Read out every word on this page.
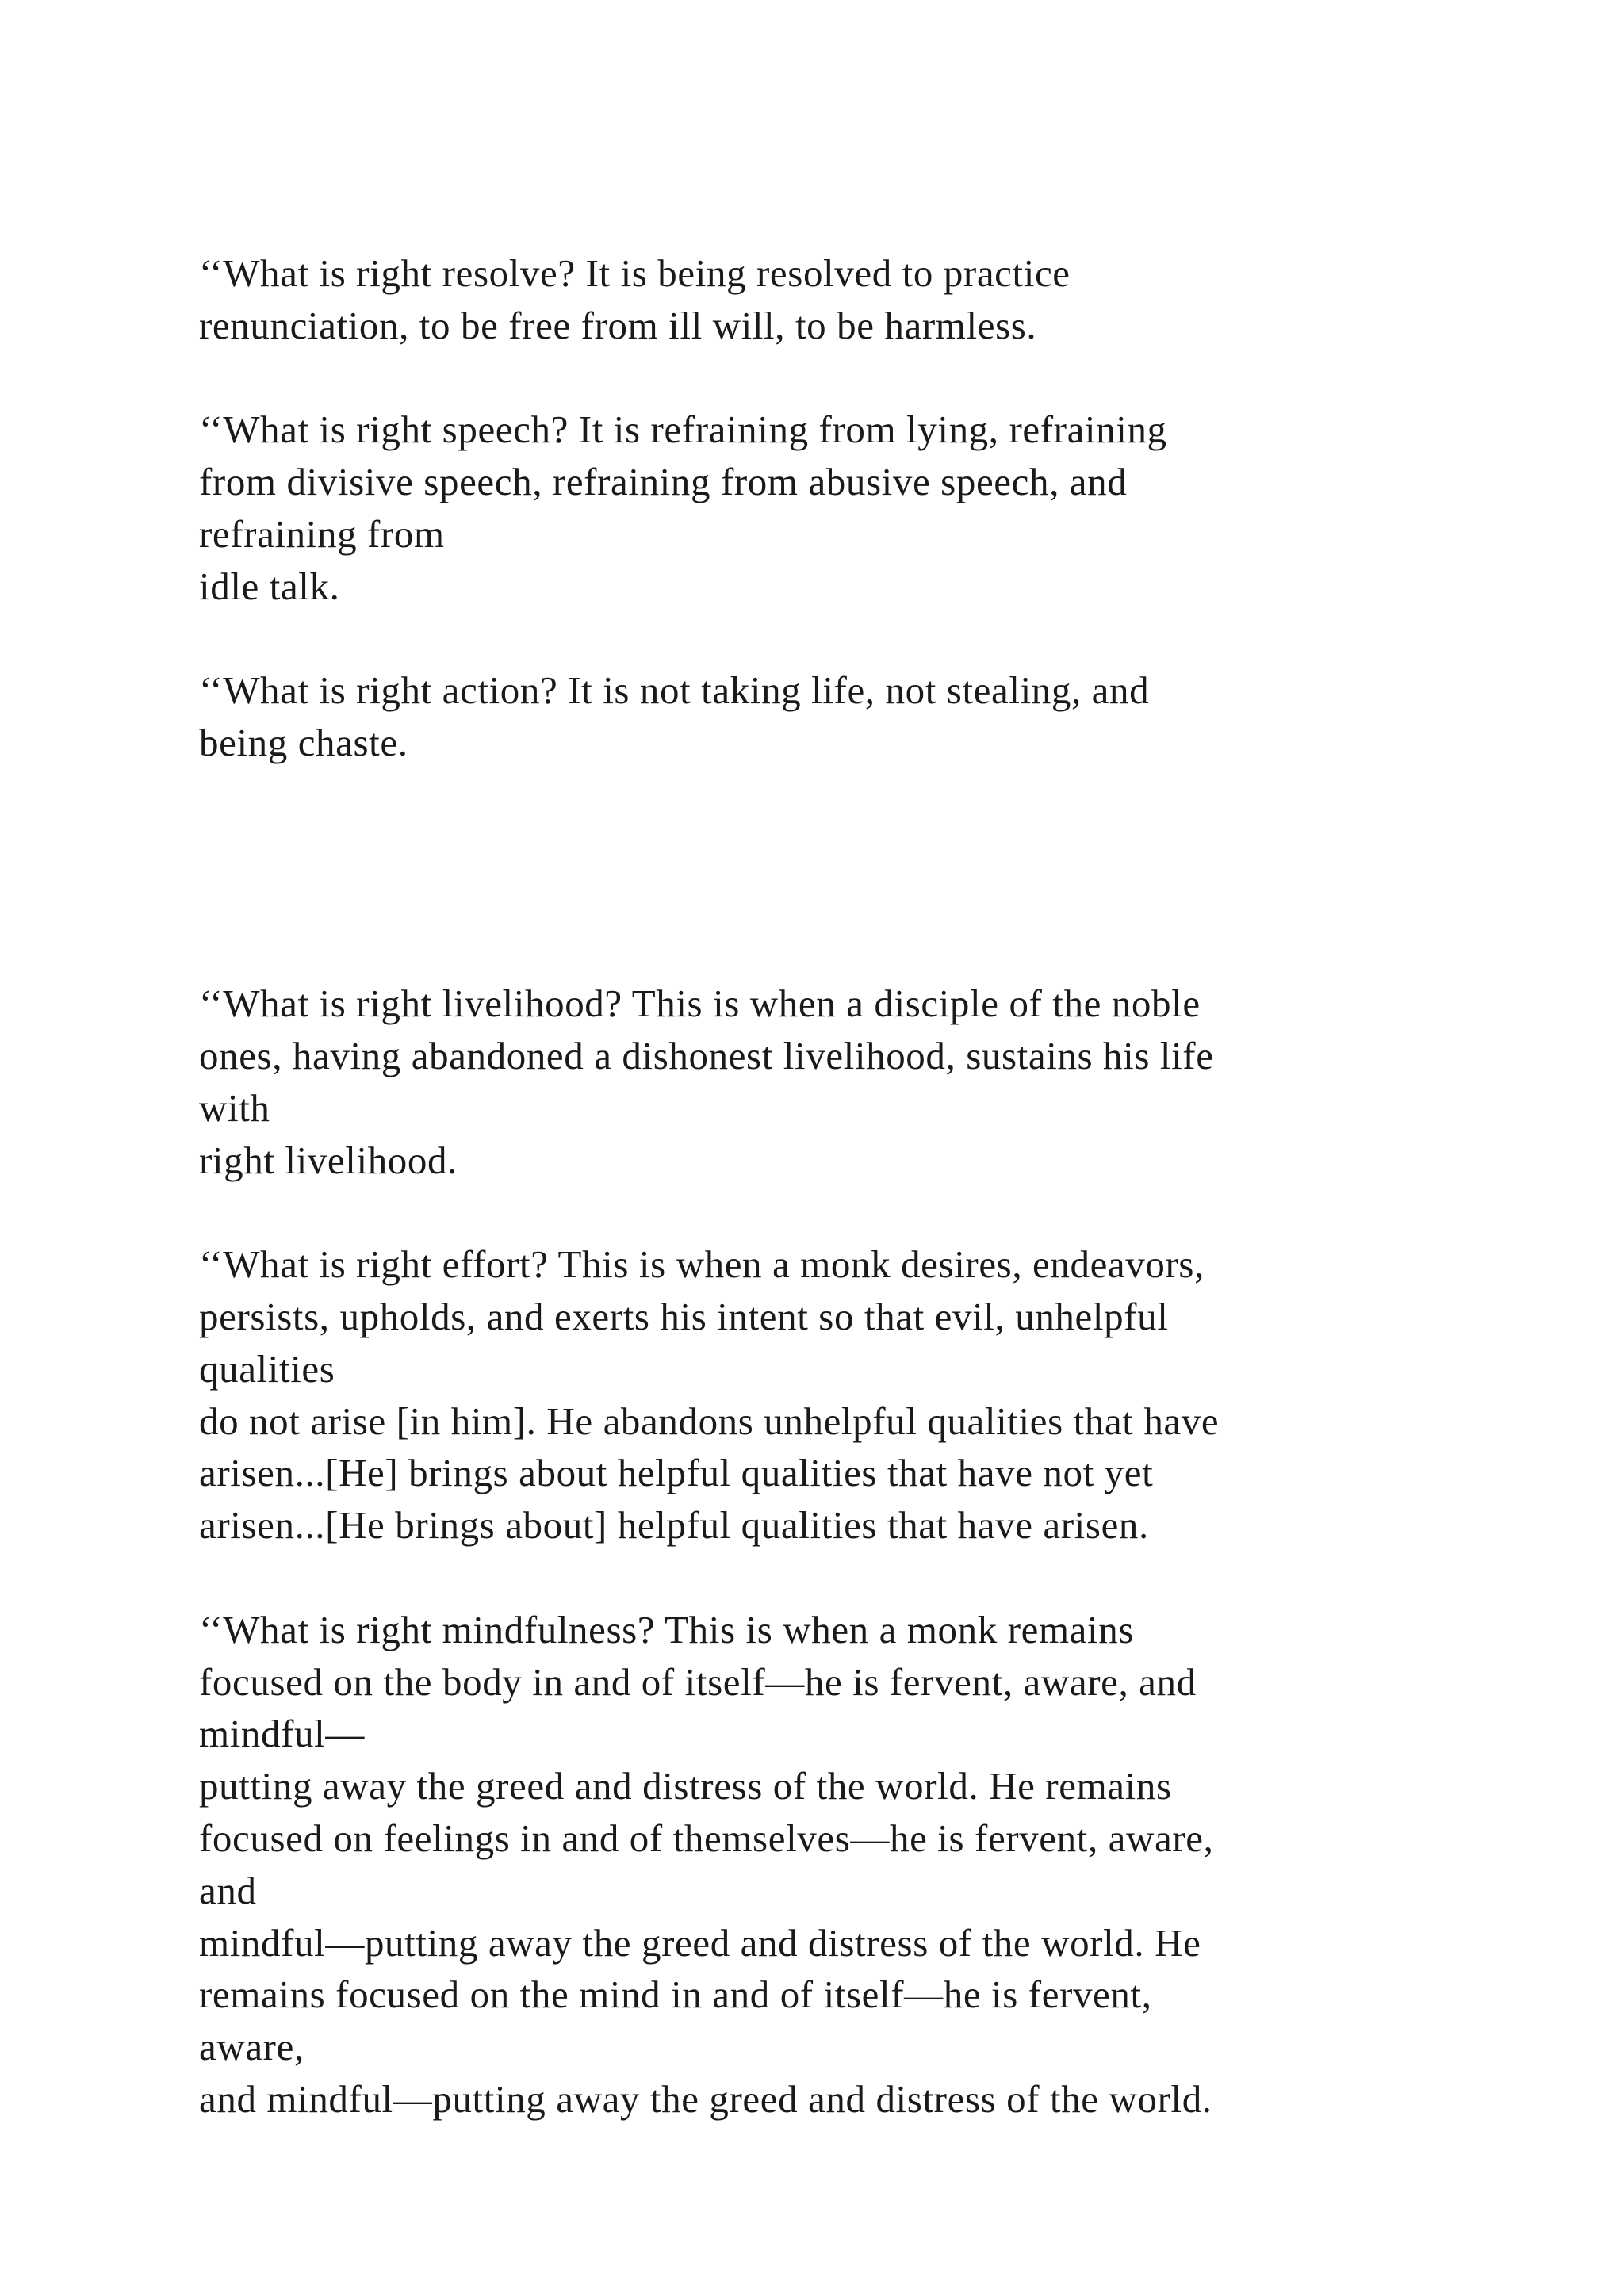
‘‘What is right resolve? It is being resolved to practice
renunciation, to be free from ill will, to be harmless.
‘‘What is right speech? It is refraining from lying, refraining
from divisive speech, refraining from abusive speech, and
refraining from
idle talk.
‘‘What is right action? It is not taking life, not stealing, and
being chaste.
‘‘What is right livelihood? This is when a disciple of the noble
ones, having abandoned a dishonest livelihood, sustains his life
with
right livelihood.
‘‘What is right effort? This is when a monk desires, endeavors,
persists, upholds, and exerts his intent so that evil, unhelpful
qualities
do not arise [in him]. He abandons unhelpful qualities that have
arisen...[He] brings about helpful qualities that have not yet
arisen...[He brings about] helpful qualities that have arisen.
‘‘What is right mindfulness? This is when a monk remains
focused on the body in and of itself—he is fervent, aware, and
mindful—
putting away the greed and distress of the world. He remains
focused on feelings in and of themselves—he is fervent, aware,
and
mindful—putting away the greed and distress of the world. He
remains focused on the mind in and of itself—he is fervent,
aware,
and mindful—putting away the greed and distress of the world.
